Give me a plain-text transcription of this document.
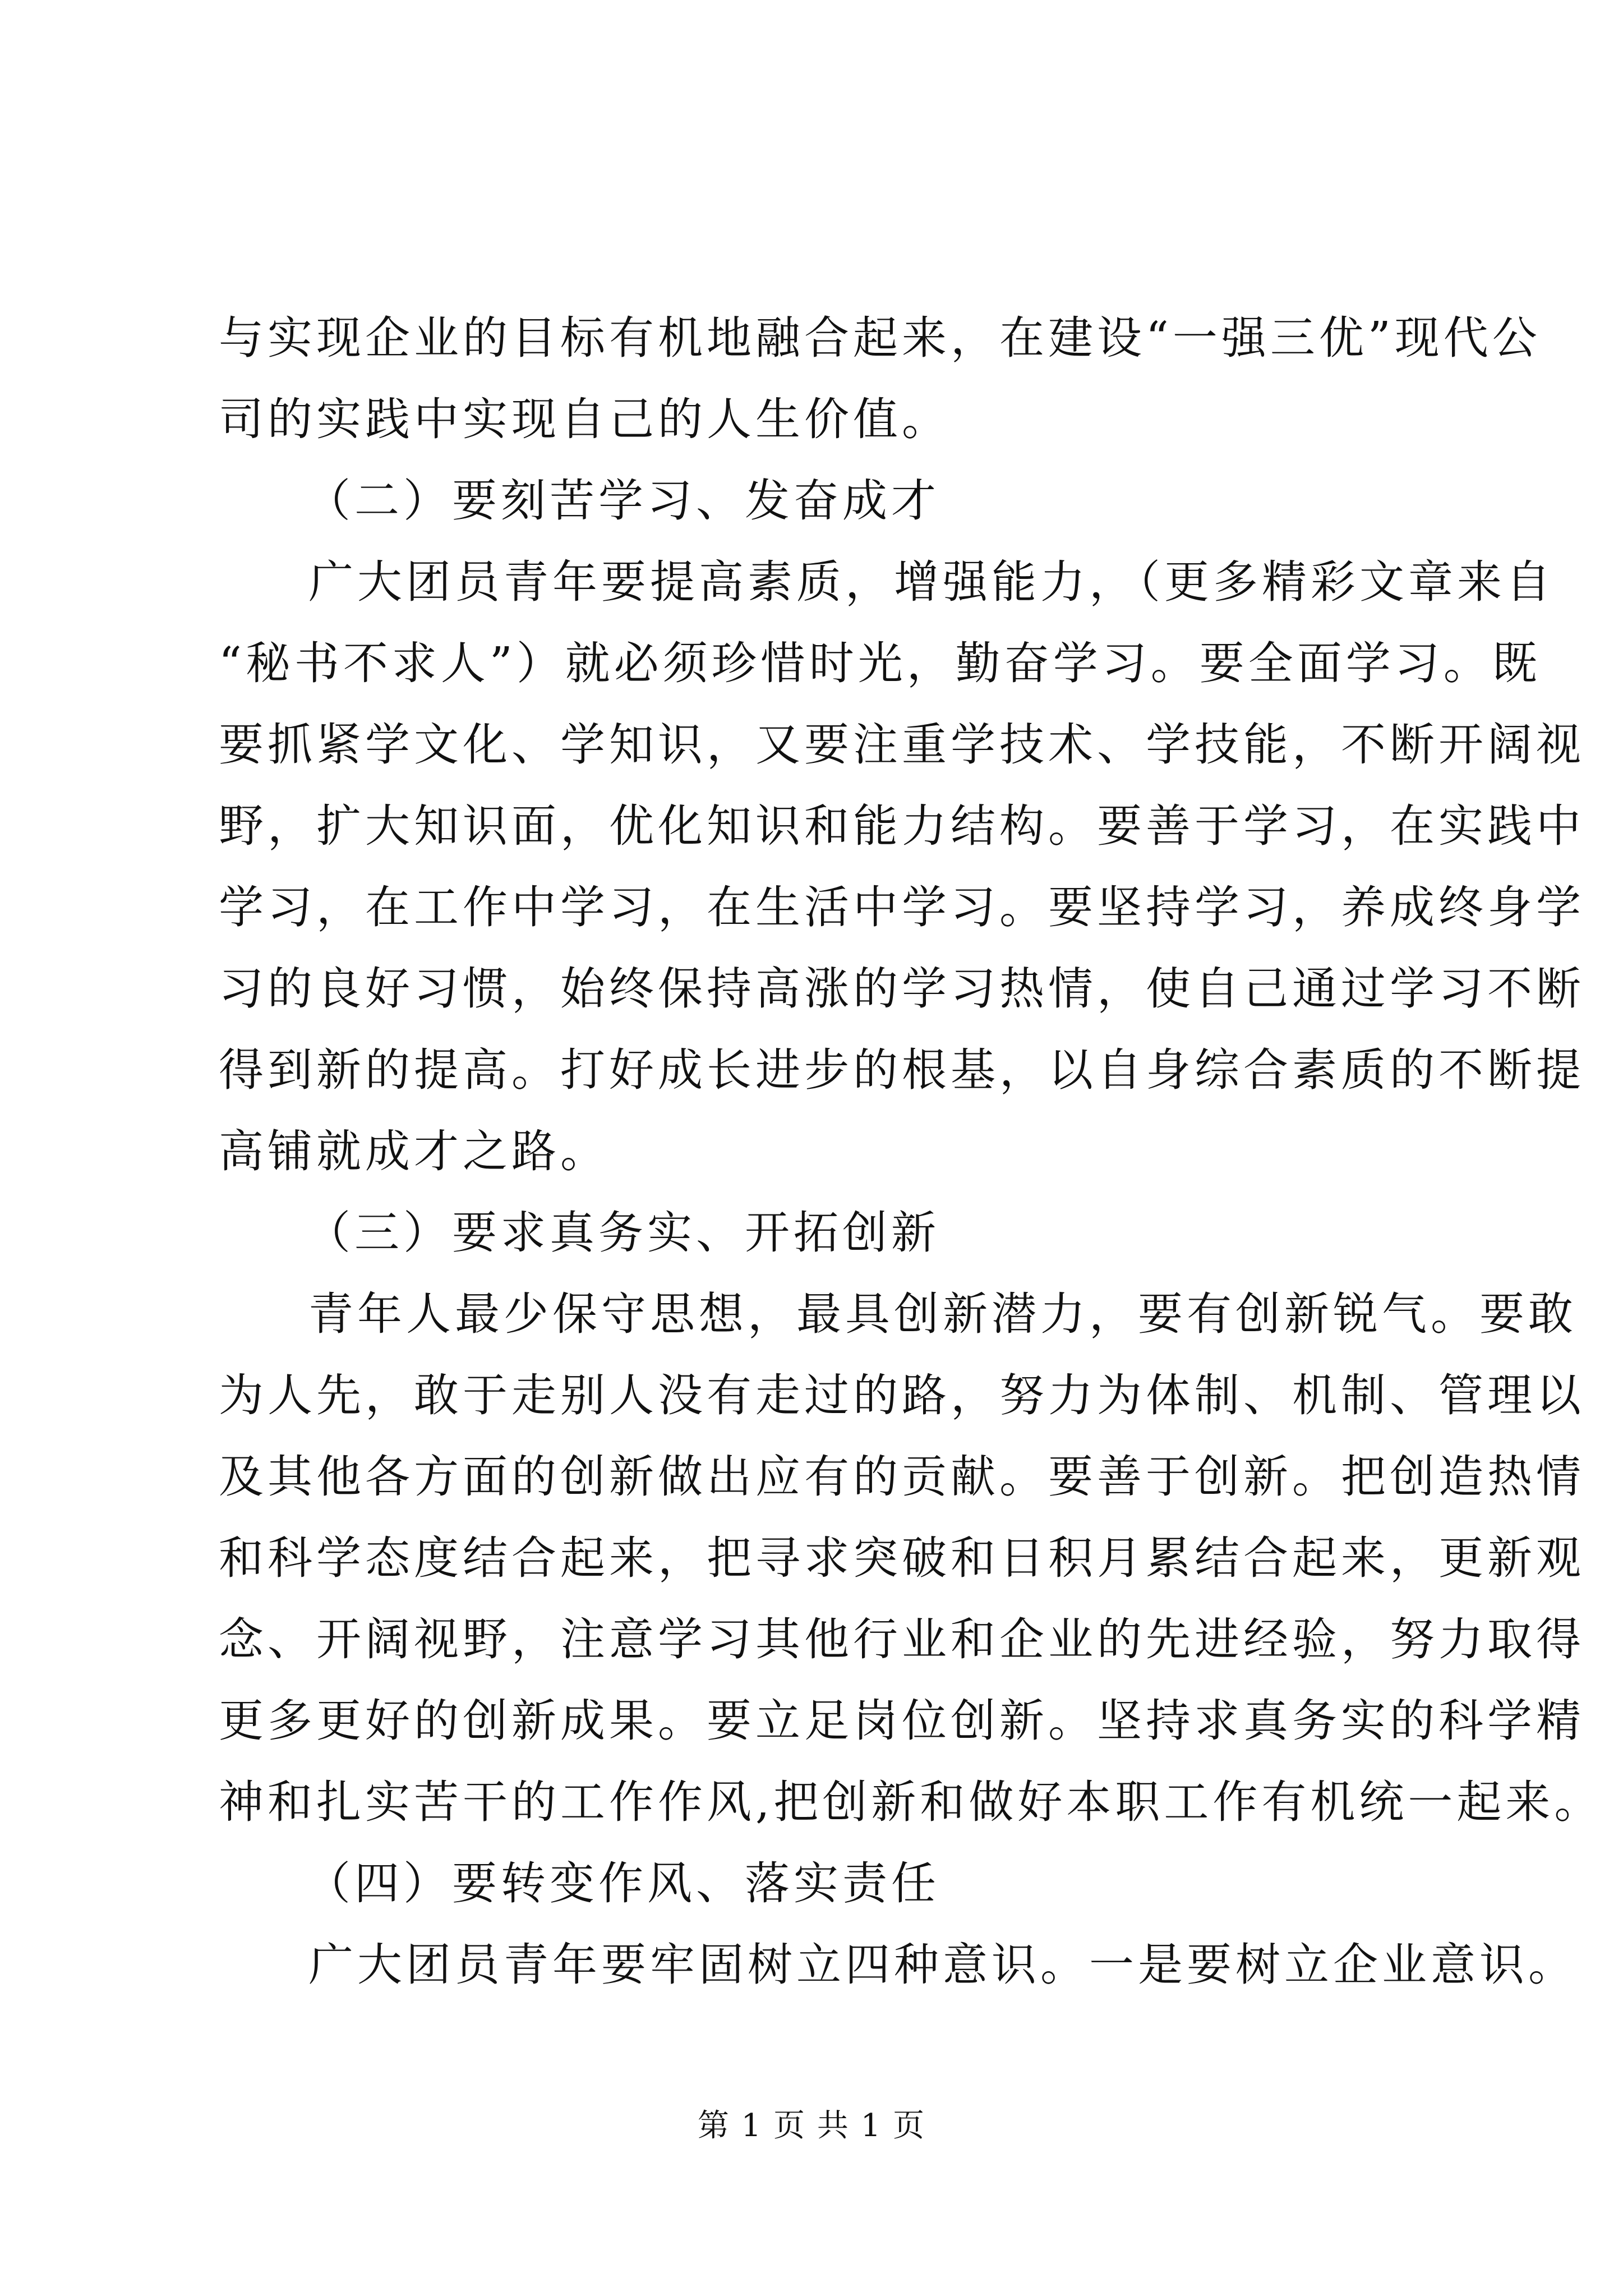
与实现企业的目标有机地融合起来，在建设“一强三优”现代公
司的实践中实现自己的人生价值。
（二）要刻苦学习、发奋成才
广大团员青年要提高素质，增强能力，（更多精彩文章来自
“秘书不求人”）就必须珍惜时光，勤奋学习。要全面学习。既
要抓紧学文化、学知识，又要注重学技术、学技能，不断开阔视
野，扩大知识面，优化知识和能力结构。要善于学习，在实践中
学习，在工作中学习，在生活中学习。要坚持学习，养成终身学
习的良好习惯，始终保持高涨的学习热情，使自己通过学习不断
得到新的提高。打好成长进步的根基，以自身综合素质的不断提
高铺就成才之路。
（三）要求真务实、开拓创新
青年人最少保守思想，最具创新潜力，要有创新锐气。要敢
为人先，敢于走别人没有走过的路，努力为体制、机制、管理以
及其他各方面的创新做出应有的贡献。要善于创新。把创造热情
和科学态度结合起来，把寻求突破和日积月累结合起来，更新观
念、开阔视野，注意学习其他行业和企业的先进经验，努力取得
更多更好的创新成果。要立足岗位创新。坚持求真务实的科学精
神和扎实苦干的工作作风,把创新和做好本职工作有机统一起来。
（四）要转变作风、落实责任
广大团员青年要牢固树立四种意识。一是要树立企业意识。
第 1 页 共 1 页
